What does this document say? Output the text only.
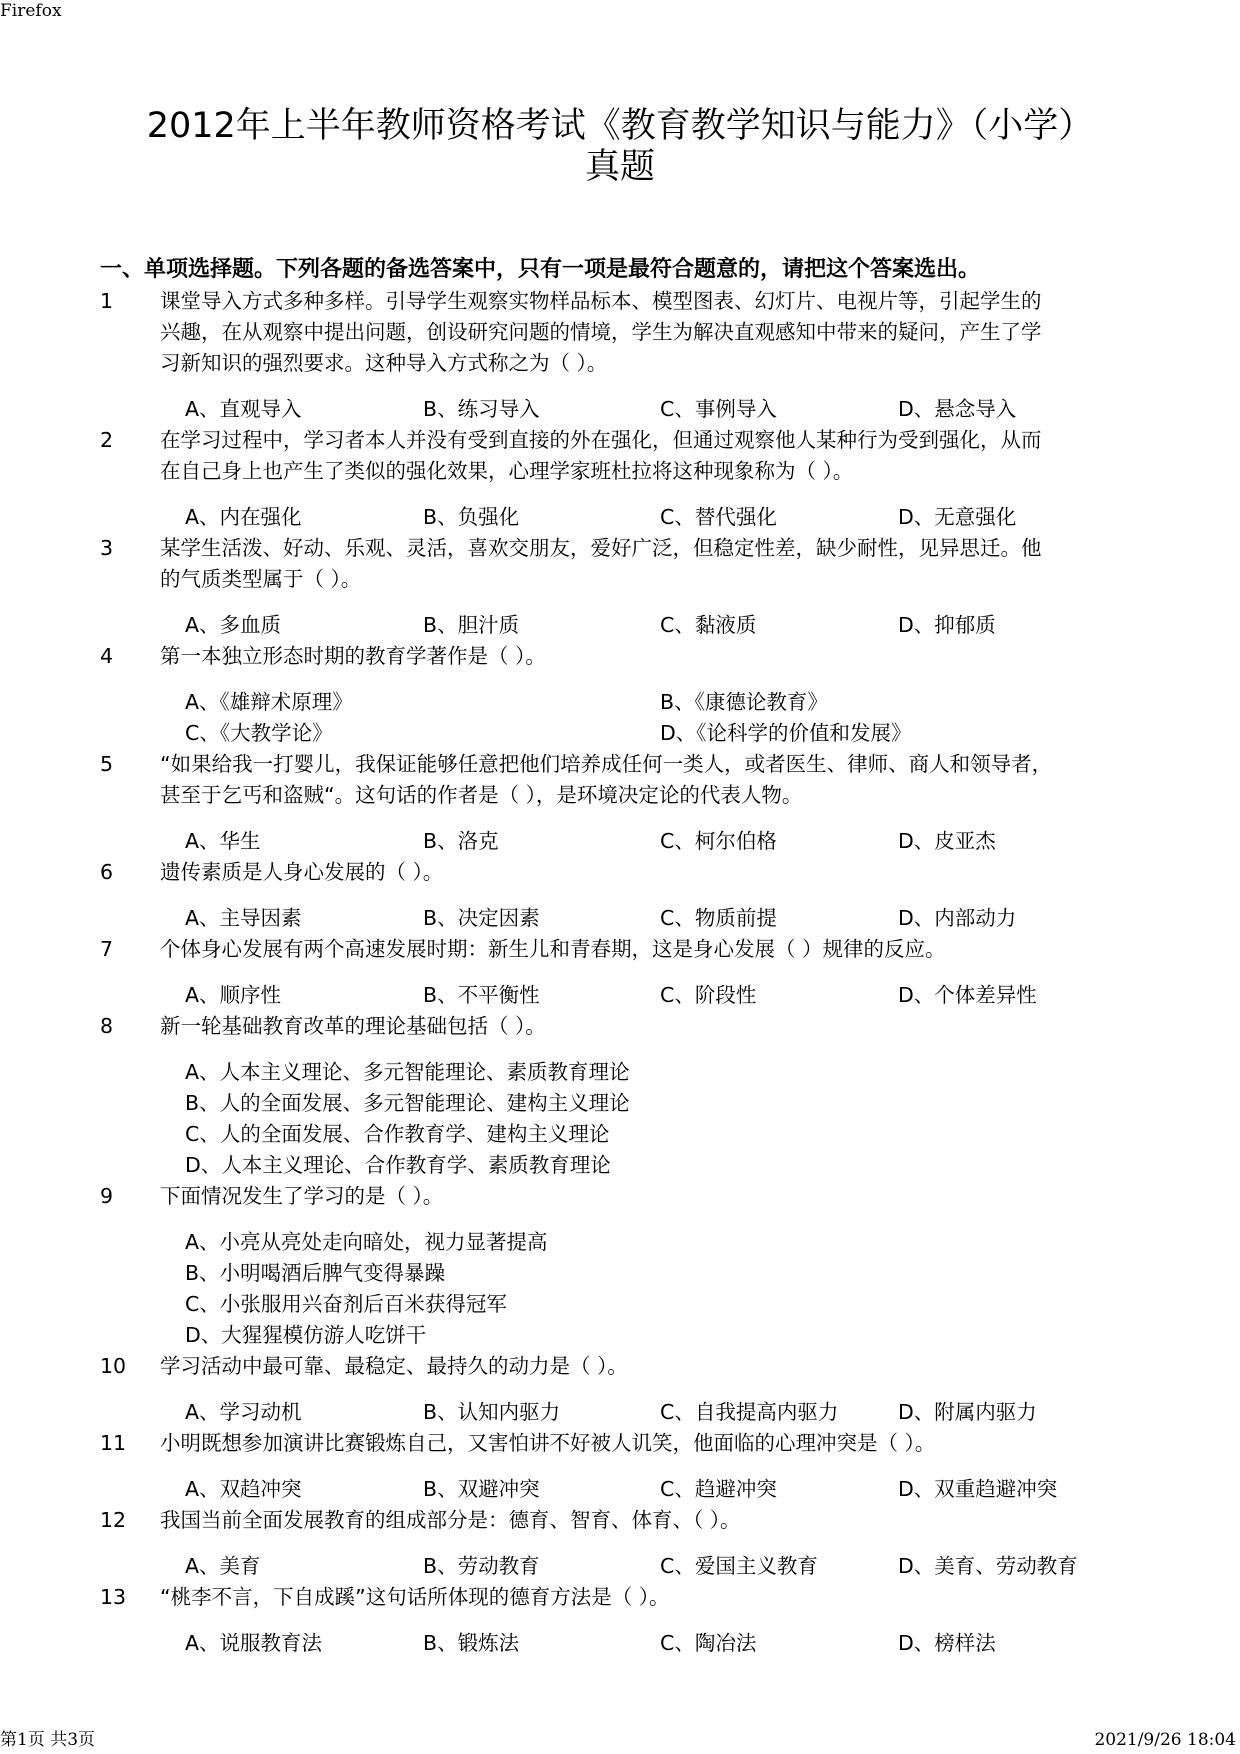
Firefox
2012年上半年教师资格考试《教育教学知识与能力》（小学）
真题
一、单项选择题。下列各题的备选答案中，只有一项是最符合题意的，请把这个答案选出。
1	课堂导入方式多种多样。引导学生观察实物样品标本、模型图表、幻灯片、电视片等，引起学生的
兴趣，在从观察中提出问题，创设研究问题的情境，学生为解决直观感知中带来的疑问，产生了学
习新知识的强烈要求。这种导入方式称之为（ ）。
A、直观导入	B、练习导入	C、事例导入	D、悬念导入
2	在学习过程中，学习者本人并没有受到直接的外在强化，但通过观察他人某种行为受到强化，从而
在自己身上也产生了类似的强化效果，心理学家班杜拉将这种现象称为（ ）。
A、内在强化	B、负强化	C、替代强化	D、无意强化
3	某学生活泼、好动、乐观、灵活，喜欢交朋友，爱好广泛，但稳定性差，缺少耐性，见异思迁。他
的气质类型属于（ ）。
A、多血质	B、胆汁质	C、黏液质	D、抑郁质
4	第一本独立形态时期的教育学著作是（ ）。
A、《雄辩术原理》	B、《康德论教育》
C、《大教学论》	D、《论科学的价值和发展》
5	“如果给我一打婴儿，我保证能够任意把他们培养成任何一类人，或者医生、律师、商人和领导者，
甚至于乞丐和盗贼“。这句话的作者是（ ），是环境决定论的代表人物。
A、华生	B、洛克	C、柯尔伯格	D、皮亚杰
6	遗传素质是人身心发展的（ ）。
A、主导因素	B、决定因素	C、物质前提	D、内部动力
7	个体身心发展有两个高速发展时期：新生儿和青春期，这是身心发展（ ）规律的反应。
A、顺序性	B、不平衡性	C、阶段性	D、个体差异性
8	新一轮基础教育改革的理论基础包括（ ）。
A、人本主义理论、多元智能理论、素质教育理论
B、人的全面发展、多元智能理论、建构主义理论
C、人的全面发展、合作教育学、建构主义理论
D、人本主义理论、合作教育学、素质教育理论
9	下面情况发生了学习的是（ ）。
A、小亮从亮处走向暗处，视力显著提高
B、小明喝酒后脾气变得暴躁
C、小张服用兴奋剂后百米获得冠军
D、大猩猩模仿游人吃饼干
10	学习活动中最可靠、最稳定、最持久的动力是（ ）。
A、学习动机	B、认知内驱力	C、自我提高内驱力	D、附属内驱力
11	小明既想参加演讲比赛锻炼自己，又害怕讲不好被人讥笑，他面临的心理冲突是（ ）。
A、双趋冲突	B、双避冲突	C、趋避冲突	D、双重趋避冲突
12	我国当前全面发展教育的组成部分是：德育、智育、体育、（ ）。
A、美育	B、劳动教育	C、爱国主义教育	D、美育、劳动教育
13	“桃李不言，下自成蹊”这句话所体现的德育方法是（ ）。
A、说服教育法	B、锻炼法	C、陶冶法	D、榜样法
第1页 共3页	2021/9/26 18:04
